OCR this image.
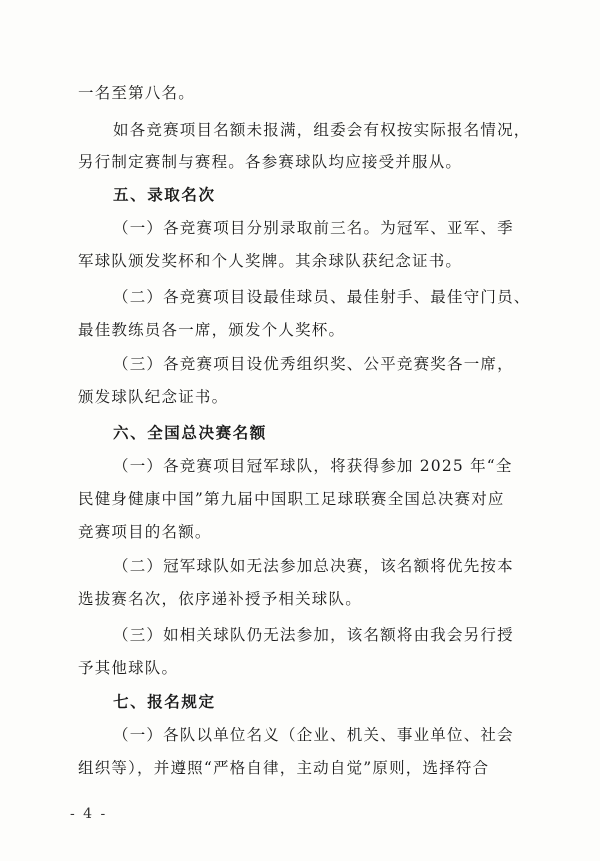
一名至第八名。
如各竞赛项目名额未报满，组委会有权按实际报名情况，
另行制定赛制与赛程。各参赛球队均应接受并服从。
五、录取名次
（一）各竞赛项目分别录取前三名。为冠军、亚军、季
军球队颁发奖杯和个人奖牌。其余球队获纪念证书。
（二）各竞赛项目设最佳球员、最佳射手、最佳守门员、
最佳教练员各一席，颁发个人奖杯。
（三）各竞赛项目设优秀组织奖、公平竞赛奖各一席，
颁发球队纪念证书。
六、全国总决赛名额
（一）各竞赛项目冠军球队，将获得参加 2025 年“全
民健身健康中国”第九届中国职工足球联赛全国总决赛对应
竞赛项目的名额。
（二）冠军球队如无法参加总决赛，该名额将优先按本
选拔赛名次，依序递补授予相关球队。
（三）如相关球队仍无法参加，该名额将由我会另行授
予其他球队。
七、报名规定
（一）各队以单位名义（企业、机关、事业单位、社会
组织等），并遵照“严格自律，主动自觉”原则，选择符合
- 4 -
